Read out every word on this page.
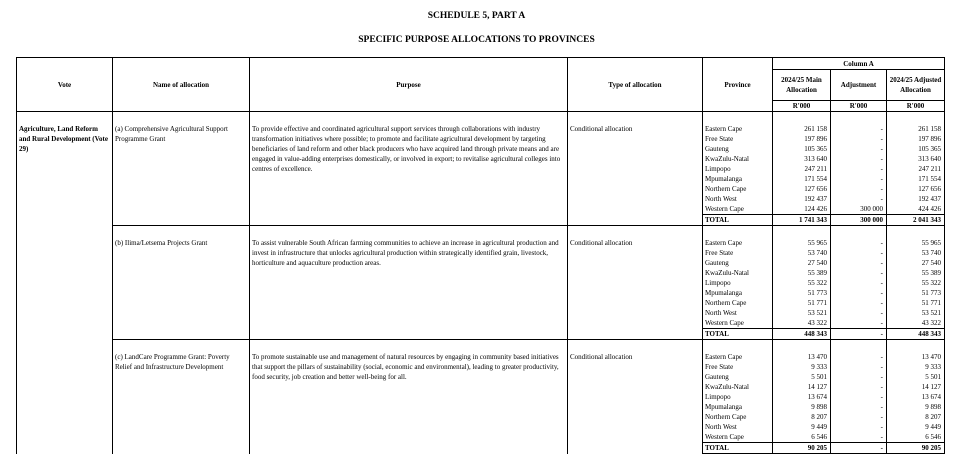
SCHEDULE 5, PART A
SPECIFIC PURPOSE ALLOCATIONS TO PROVINCES
Vote	Name of allocation	Purpose	Type of allocation	Province	Column A		
					2024/25 Main Allocation	Adjustment	2024/25 Adjusted Allocation
					R'000	R'000	R'000
Agriculture, Land Reform and Rural Development (Vote 29)	(a) Comprehensive Agricultural Support Programme Grant	To provide effective and coordinated agricultural support services through collaborations with industry transformation initiatives where possible; to promote and facilitate agricultural development by targeting beneficiaries of land reform and other black producers who have acquired land through private means and are engaged in value-adding enterprises domestically, or involved in export; to revitalise agricultural colleges into centres of excellence.	Conditional allocation	Eastern Cape	261 158	-	261 158
				Free State	197 896	-	197 896
				Gauteng	105 365	-	105 365
				KwaZulu-Natal	313 640	-	313 640
				Limpopo	247 211	-	247 211
				Mpumalanga	171 554	-	171 554
				Northern Cape	127 656	-	127 656
				North West	192 437	-	192 437
				Western Cape	124 426	300 000	424 426
				TOTAL	1 741 343	300 000	2 041 343
	(b) Ilima/Letsema Projects Grant	To assist vulnerable South African farming communities to achieve an increase in agricultural production and invest in infrastructure that unlocks agricultural production within strategically identified grain, livestock, horticulture and aquaculture production areas.	Conditional allocation	Eastern Cape	55 965	-	55 965
				Free State	53 740	-	53 740
				Gauteng	27 540	-	27 540
				KwaZulu-Natal	55 389	-	55 389
				Limpopo	55 322	-	55 322
				Mpumalanga	51 773	-	51 773
				Northern Cape	51 771	-	51 771
				North West	53 521	-	53 521
				Western Cape	43 322	-	43 322
				TOTAL	448 343	-	448 343
	(c) LandCare Programme Grant: Poverty Relief and Infrastructure Development	To promote sustainable use and management of natural resources by engaging in community based initiatives that support the pillars of sustainability (social, economic and environmental), leading to greater productivity, food security, job creation and better well-being for all.	Conditional allocation	Eastern Cape	13 470	-	13 470
				Free State	9 333	-	9 333
				Gauteng	5 501	-	5 501
				KwaZulu-Natal	14 127	-	14 127
				Limpopo	13 674	-	13 674
				Mpumalanga	9 898	-	9 898
				Northern Cape	8 207	-	8 207
				North West	9 449	-	9 449
				Western Cape	6 546	-	6 546
				TOTAL	90 205	-	90 205
